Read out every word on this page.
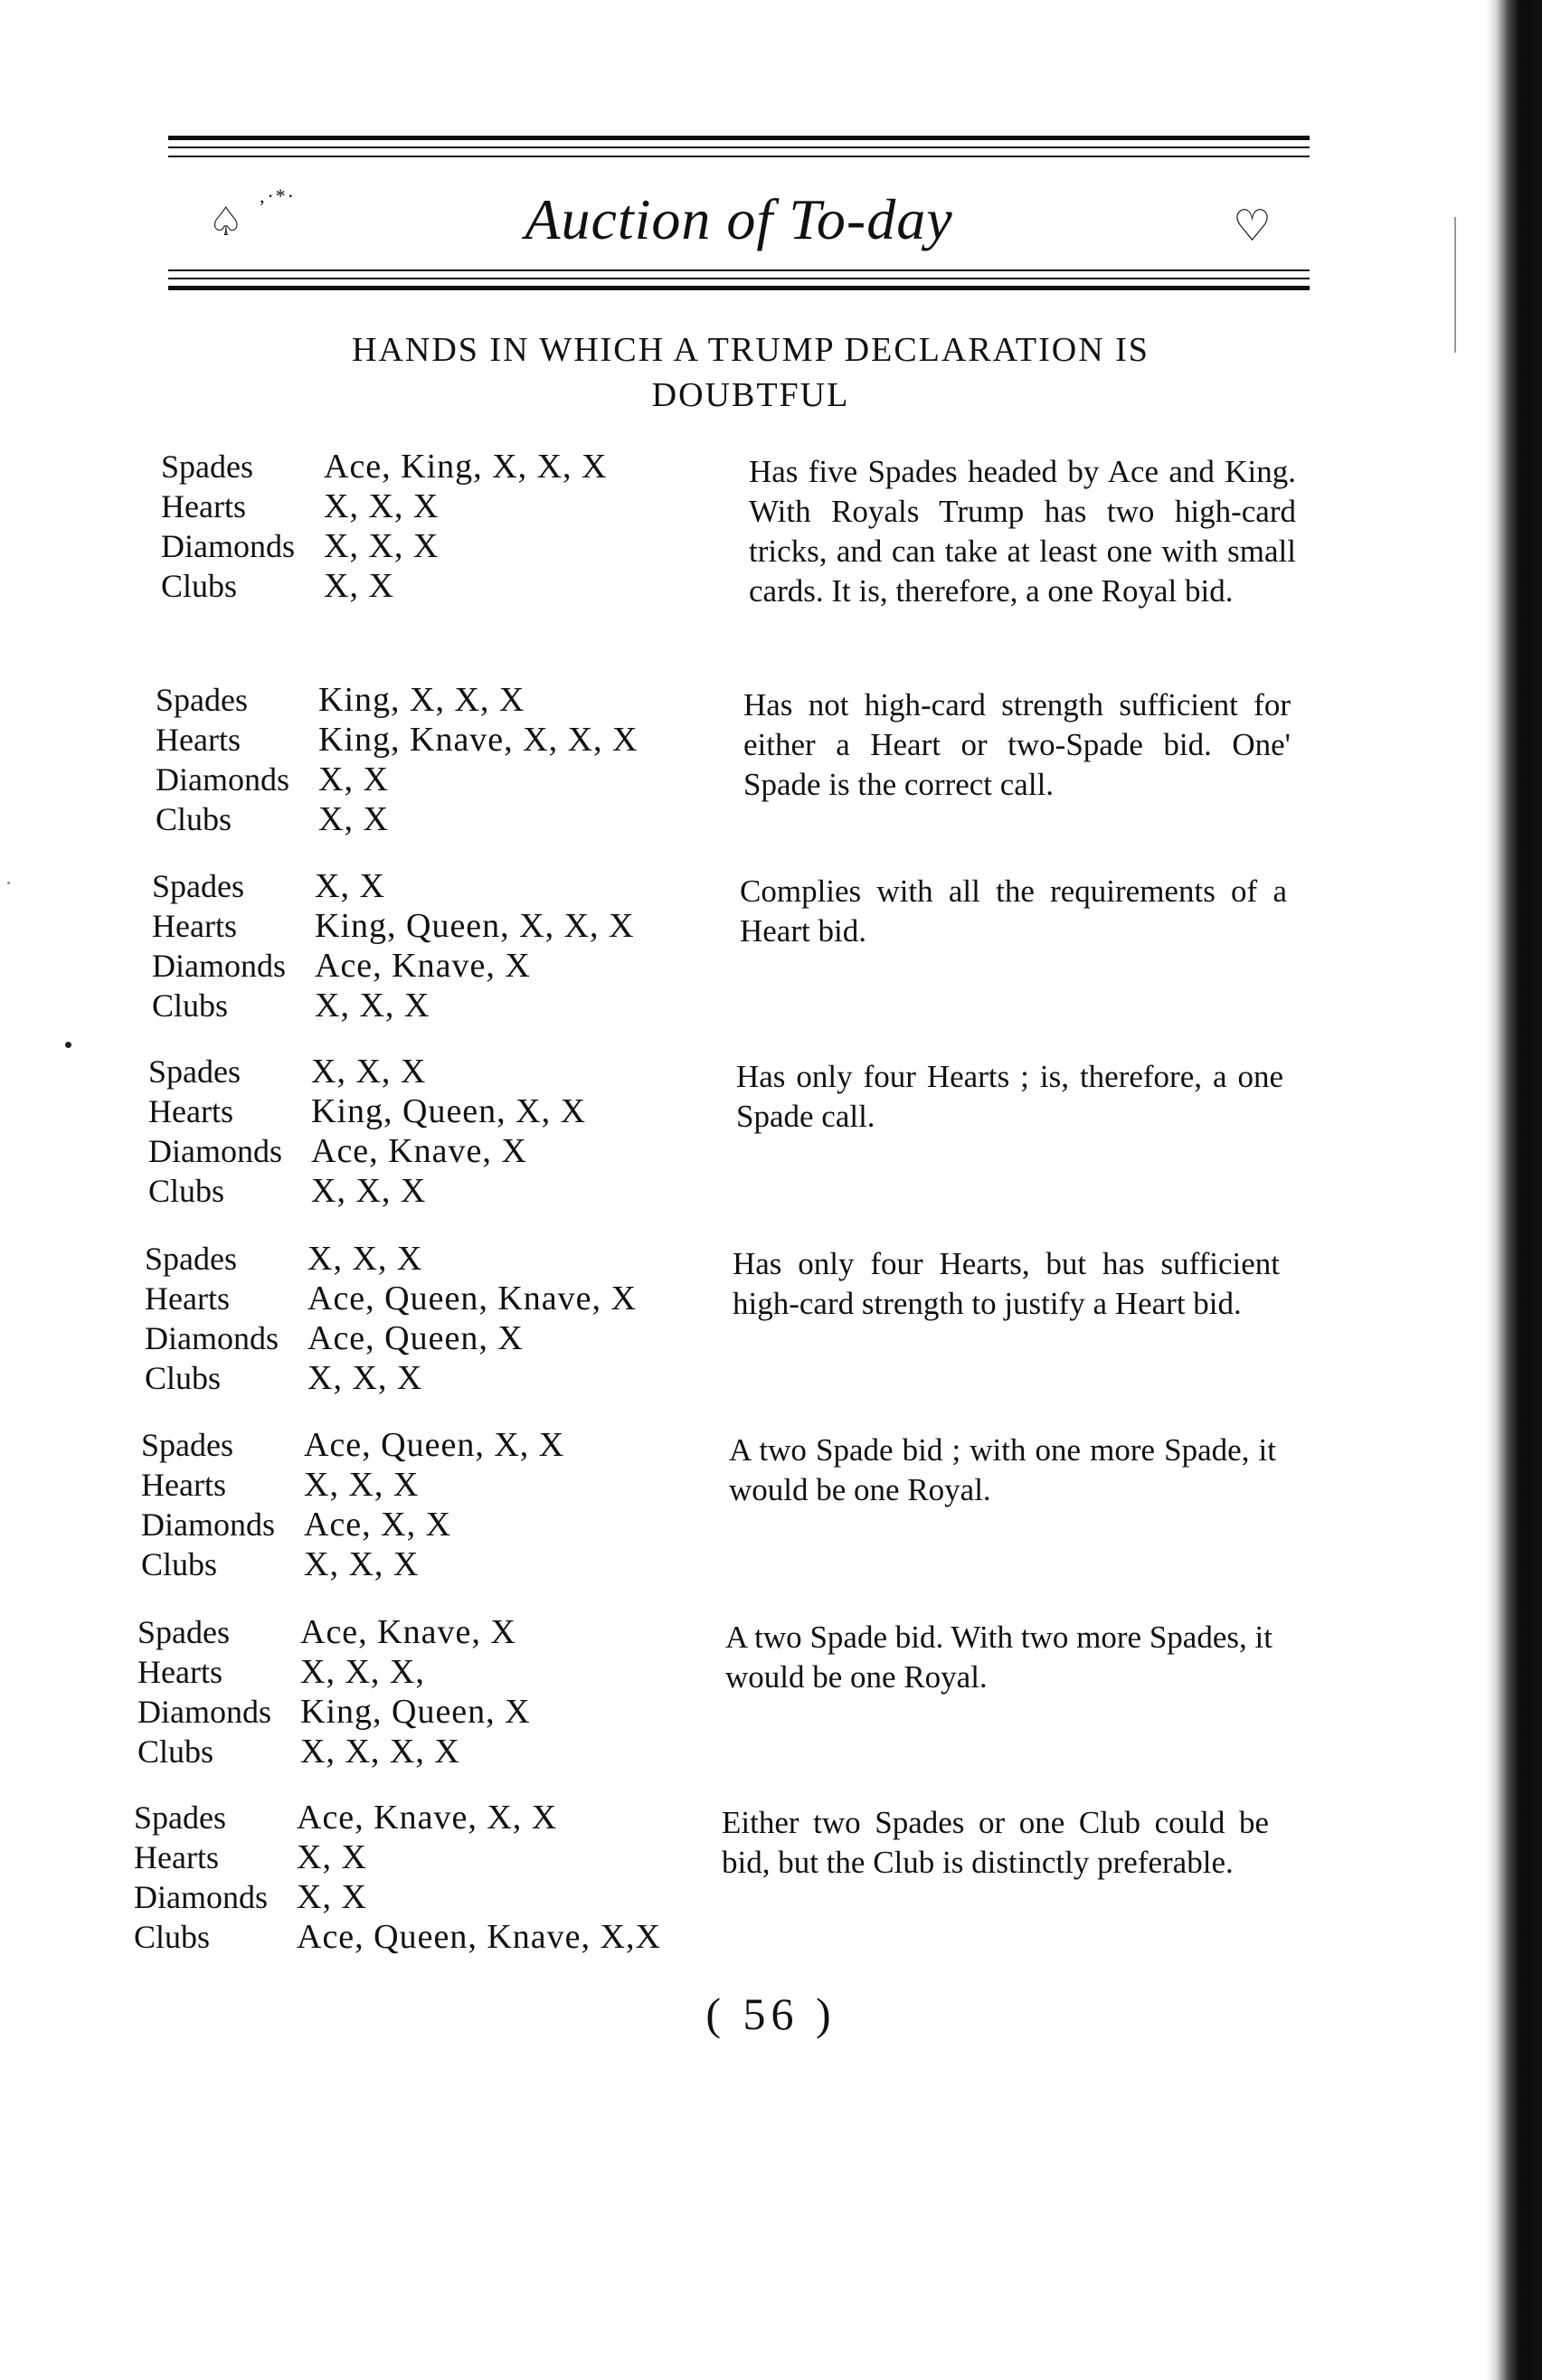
♤
‚·*·	Auction of To-day	♡
HANDS IN WHICH A TRUMP DECLARATION IS
DOUBTFUL
Spades Ace, King, X, X, X
Hearts X, X, X
Diamonds X, X, X
Clubs	X, X
Has five Spades headed by Ace and King. With Royals Trump has two high-card tricks, and can take at least one with small cards. It is, therefore, a one Royal bid.
Spades King, X, X, X
Hearts King, Knave, X, X, X
Diamonds X, X
Clubs	X, X
Has not high-card strength sufficient for either a Heart or two-Spade bid. One' Spade is the correct call.
Spades X, X
Hearts King, Queen, X, X, X
Diamonds Ace, Knave, X
Clubs	X, X, X
Complies with all the requirements of a Heart bid.
Spades X, X, X
Hearts King, Queen, X, X
Diamonds Ace, Knave, X
Clubs	X, X, X
Has only four Hearts ; is, therefore, a one Spade call.
Spades X, X, X
Hearts Ace, Queen, Knave, X
Diamonds Ace, Queen, X
Clubs	X, X, X
Has only four Hearts, but has sufficient high-card strength to justify a Heart bid.
Spades Ace, Queen, X, X
Hearts X, X, X
Diamonds Ace, X, X
Clubs	X, X, X
A two Spade bid ; with one more Spade, it would be one Royal.
Spades Ace, Knave, X
Hearts X, X, X,
Diamonds King, Queen, X
Clubs	X, X, X, X
A two Spade bid. With two more Spades, it would be one Royal.
Spades Ace, Knave, X, X
Hearts X, X
Diamonds X, X
Clubs	Ace, Queen, Knave, X,X
Either two Spades or one Club could be bid, but the Club is distinctly preferable.
( 56 )
